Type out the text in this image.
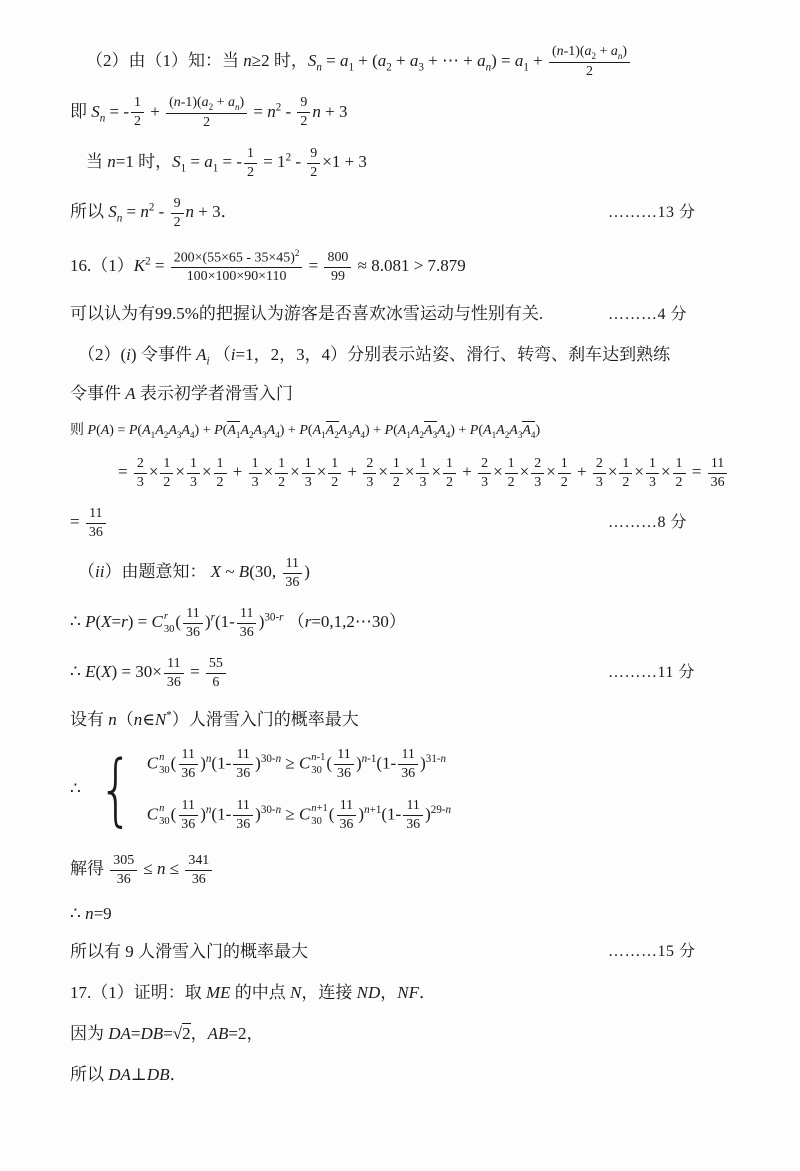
（2）由（1）知：当 n≥2 时，$S_n = a_1 + (a_2 + a_3$ + ⋯ + $a_n) = a_1 + \frac{(n-1)(a_2 + a_n)}{2}$
即 $S_n$ = - $\frac{1}{2} + \frac{(n-1)(a_2 + a_n)}{2} = n^2 - \frac{9}{2}$ n + 3
当 n=1 时，$S_1 = a_1$ = - $\frac{1}{2} = 1^2 - \frac{9}{2} \times 1 + 3$
所以 $S_n = n^2 - \frac{9}{2}$ n + 3．	………13 分
$16.(1)K^2 = \frac{200\times(55\times 65 - 35\times 45)^2}{100\times 100\times 90\times 110} = \frac{800}{99} \approx 8.081 > 7.879$
可以认为有99.5%的把握认为游客是否喜欢冰雪运动与性别有关.	………4 分
（2）(i) 令事件 $A_i$ （i=1，2，3，4）分别表示站姿、滑行、转弯、刹车达到熟练
令事件 A 表示初学者滑雪入门
则 $P(A) = P(A_1A_2A_3A_4) + P(A_1A_2A_3A_4) + P(A_1A_2A_3A_4) + P(A_1A_2A_3A_4) + P(A_1A_2A_3A_4)$
= $\frac{2}{3} \times \frac{1}{2} \times \frac{1}{3} \times \frac{1}{2} + \frac{1}{3} \times \frac{1}{2} \times \frac{1}{3} \times \frac{1}{2} + \frac{2}{3} \times \frac{1}{2} \times \frac{1}{3} \times \frac{1}{2} + \frac{2}{3} \times \frac{1}{2} \times \frac{2}{3} \times \frac{1}{2} + \frac{2}{3} \times \frac{1}{2} \times \frac{1}{3} \times \frac{1}{2} = \frac{11}{36}$
= $\frac{11}{36}$	………8 分
（ii）由题意知： X ~ B(30, $\frac{11}{36}$ )
∴ P(X=r) = C r
30 ( $\frac{11}{36} )^r(1- \frac{11}{36} )^{30-r}$ （r=0,1,2⋯30）
∴ $E(X) = 30\times \frac{11}{36} = \frac{55}{6}$	………11 分
设有 n（n∈N*）人滑雪入门的概率最大
∴ { C n
30 ( $\frac{11}{36} )^n(1- \frac{11}{36} )^{30-n} \ge C$ n-1
30 ( $\frac{11}{36} )^{n-1}(1- \frac{11}{36} )^{31-n}$
C n
30 ( $\frac{11}{36} )^n(1- \frac{11}{36} )^{30-n} \ge C$ n+1
30 ( $\frac{11}{36} )^{n+1}(1- \frac{11}{36} )^{29-n}$
解得 $\frac{305}{36} \le n \le \frac{341}{36}$
∴ n=9
所以有 9 人滑雪入门的概率最大	………15 分
17.（1）证明：取 ME 的中点 N，连接 ND，NF．
因为 DA=DB=√2，AB=2，
所以 DA⊥DB．
